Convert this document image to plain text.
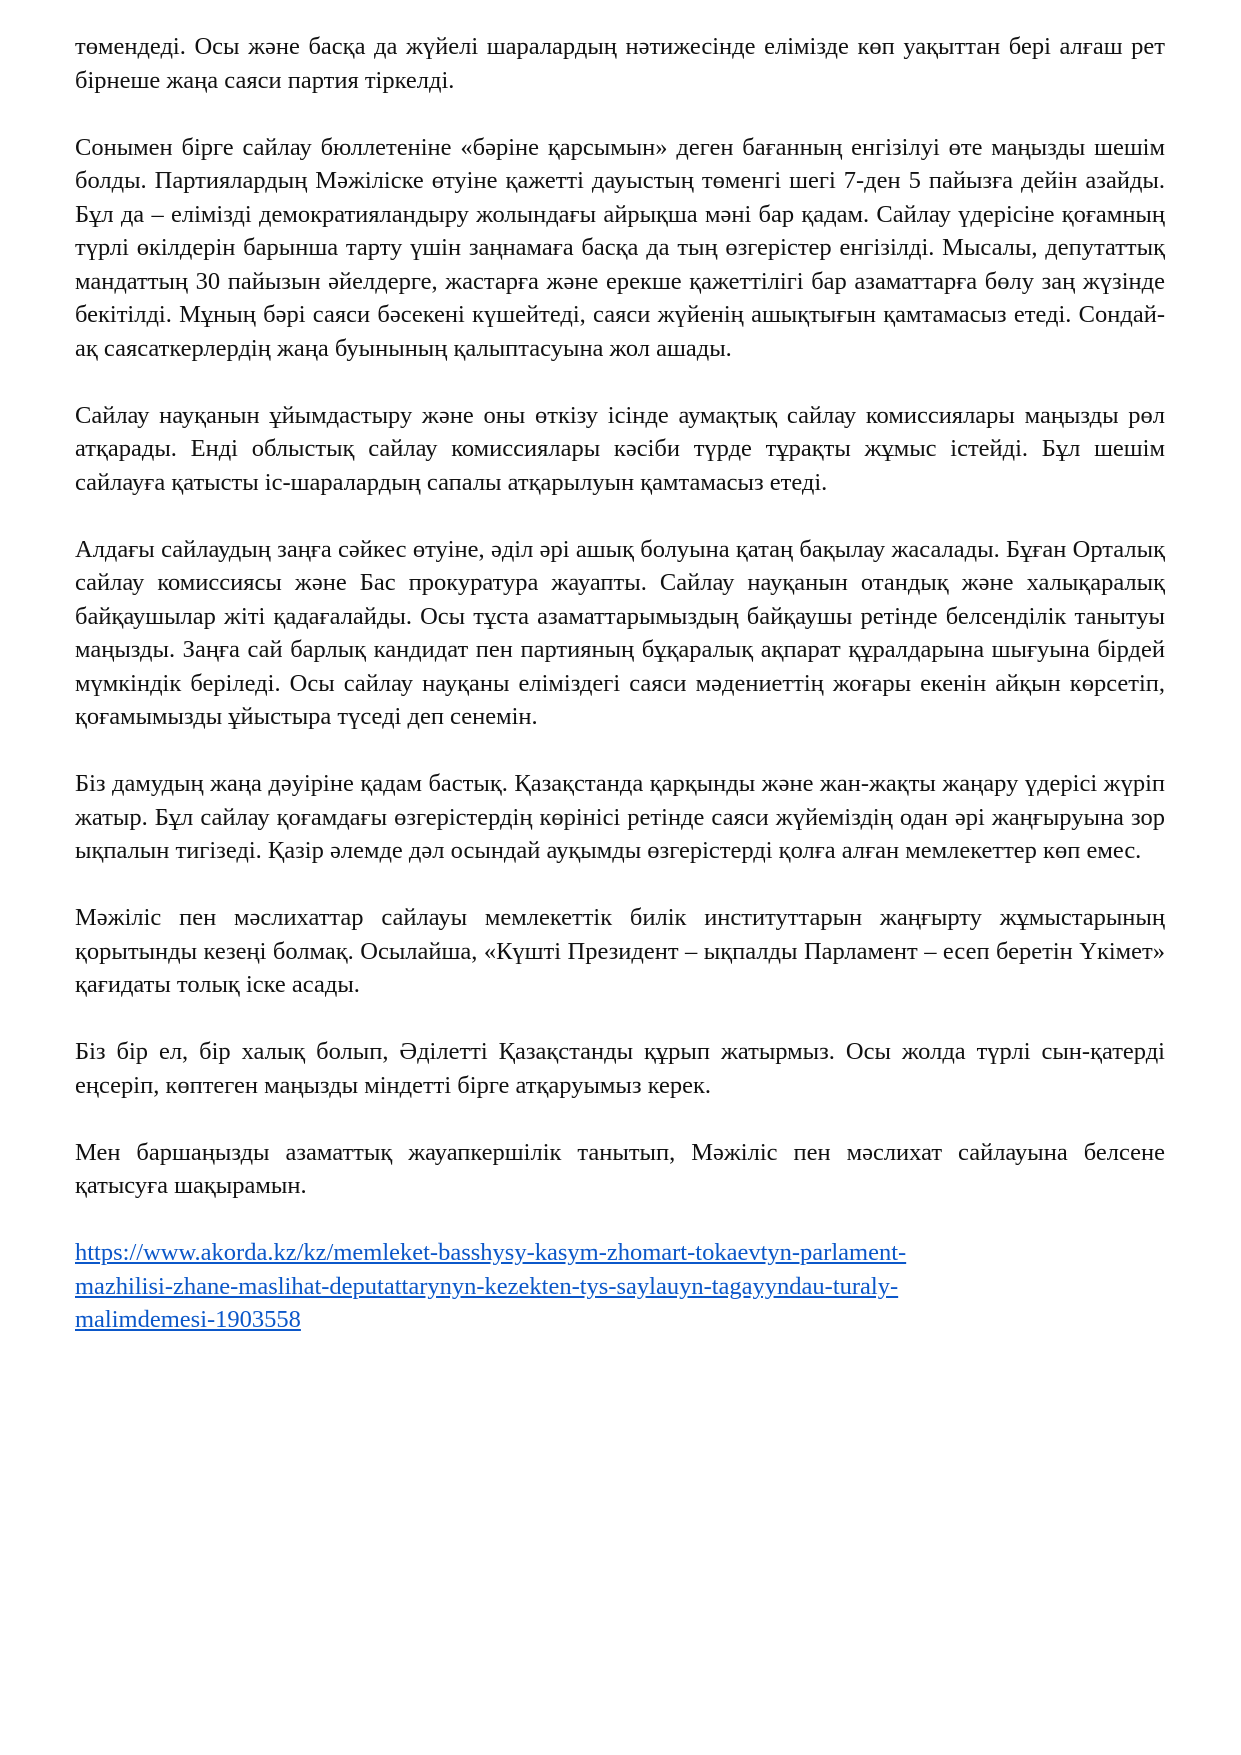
төмендеді. Осы және басқа да жүйелі шаралардың нәтижесінде елімізде көп уақыттан бері алғаш рет бірнеше жаңа саяси партия тіркелді.

Сонымен бірге сайлау бюллетеніне «бәріне қарсымын» деген бағанның енгізілуі өте маңызды шешім болды. Партиялардың Мәжіліске өтуіне қажетті дауыстың төменгі шегі 7-ден 5 пайызға дейін азайды. Бұл да – елімізді демократияландыру жолындағы айрықша мәні бар қадам. Сайлау үдерісіне қоғамның түрлі өкілдерін барынша тарту үшін заңнамаға басқа да тың өзгерістер енгізілді. Мысалы, депутаттық мандаттың 30 пайызын әйелдерге, жастарға және ерекше қажеттілігі бар азаматтарға бөлу заң жүзінде бекітілді. Мұның бәрі саяси бәсекені күшейтеді, саяси жүйенің ашықтығын қамтамасыз етеді. Сондай-ақ саясаткерлердің жаңа буынының қалыптасуына жол ашады.

Сайлау науқанын ұйымдастыру және оны өткізу ісінде аумақтық сайлау комиссиялары маңызды рөл атқарады. Енді облыстық сайлау комиссиялары кәсіби түрде тұрақты жұмыс істейді. Бұл шешім сайлауға қатысты іс-шаралардың сапалы атқарылуын қамтамасыз етеді.

Алдағы сайлаудың заңға сәйкес өтуіне, әділ әрі ашық болуына қатаң бақылау жасалады. Бұған Орталық сайлау комиссиясы және Бас прокуратура жауапты. Сайлау науқанын отандық және халықаралық байқаушылар жіті қадағалайды. Осы тұста азаматтарымыздың байқаушы ретінде белсенділік танытуы маңызды. Заңға сай барлық кандидат пен партияның бұқаралық ақпарат құралдарына шығуына бірдей мүмкіндік беріледі. Осы сайлау науқаны еліміздегі саяси мәдениеттің жоғары екенін айқын көрсетіп, қоғамымызды ұйыстыра түседі деп сенемін.

Біз дамудың жаңа дәуіріне қадам бастық. Қазақстанда қарқынды және жан-жақты жаңару үдерісі жүріп жатыр. Бұл сайлау қоғамдағы өзгерістердің көрінісі ретінде саяси жүйеміздің одан әрі жаңғыруына зор ықпалын тигізеді. Қазір әлемде дәл осындай ауқымды өзгерістерді қолға алған мемлекеттер көп емес.

Мәжіліс пен мәслихаттар сайлауы мемлекеттік билік институттарын жаңғырту жұмыстарының қорытынды кезеңі болмақ. Осылайша, «Күшті Президент – ықпалды Парламент – есеп беретін Үкімет» қағидаты толық іске асады.

Біз бір ел, бір халық болып, Әділетті Қазақстанды құрып жатырмыз. Осы жолда түрлі сын-қатерді еңсеріп, көптеген маңызды міндетті бірге атқаруымыз керек.

Мен баршаңызды азаматтық жауапкершілік танытып, Мәжіліс пен мәслихат сайлауына белсене қатысуға шақырамын.

https://www.akorda.kz/kz/memleket-basshysy-kasym-zhomart-tokaevtyn-parlament-
mazhilisi-zhane-maslihat-deputattarynyn-kezekten-tys-saylauyn-tagayyndau-turaly-
malimdemesi-1903558
